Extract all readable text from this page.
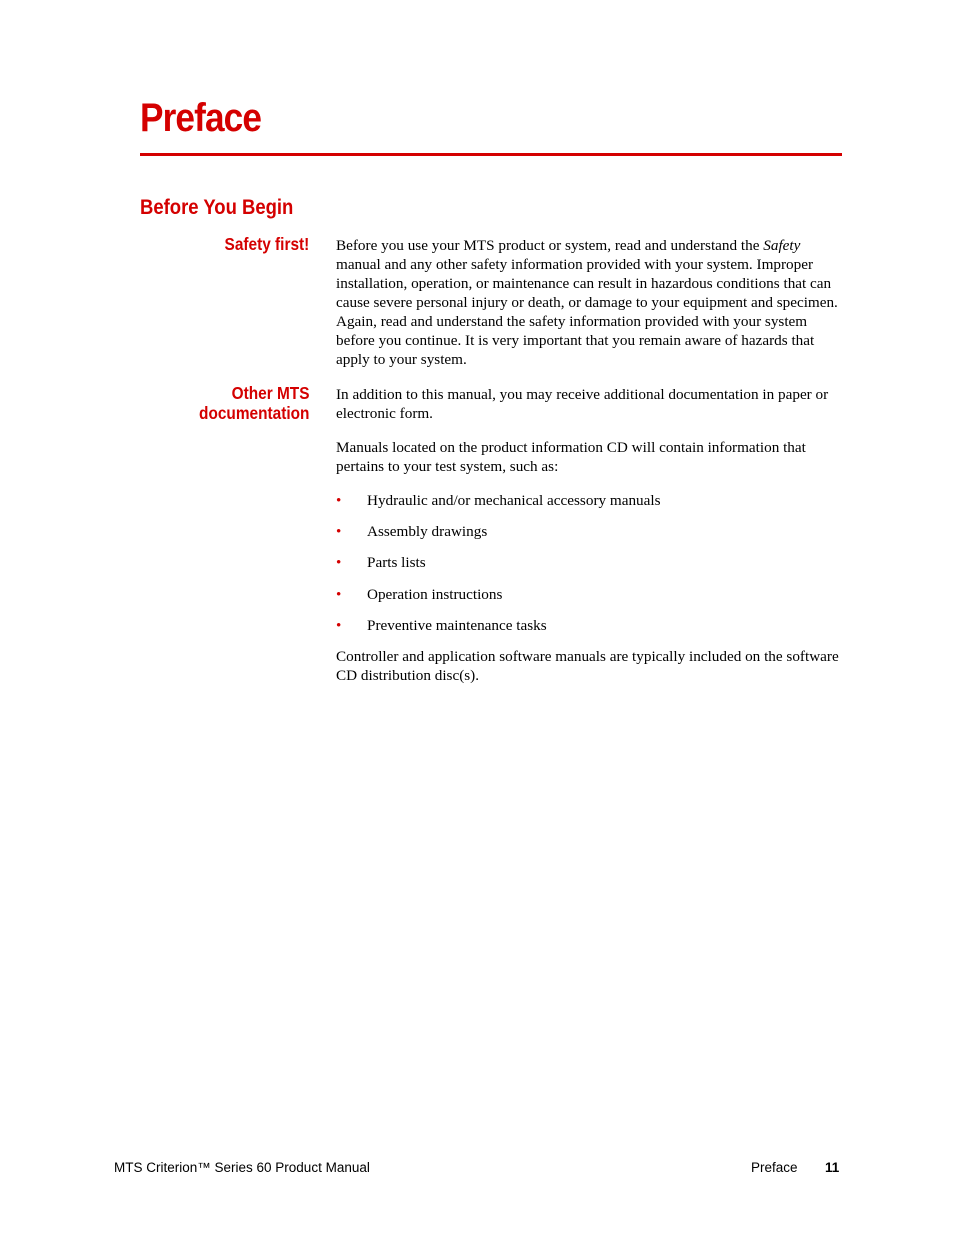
Preface
Before You Begin
Safety first! Before you use your MTS product or system, read and understand the Safety manual and any other safety information provided with your system. Improper installation, operation, or maintenance can result in hazardous conditions that can cause severe personal injury or death, or damage to your equipment and specimen. Again, read and understand the safety information provided with your system before you continue. It is very important that you remain aware of hazards that apply to your system.
Other MTS
documentation
In addition to this manual, you may receive additional documentation in paper or electronic form.
Manuals located on the product information CD will contain information that pertains to your test system, such as:
• Hydraulic and/or mechanical accessory manuals
• Assembly drawings
• Parts lists
• Operation instructions
• Preventive maintenance tasks
Controller and application software manuals are typically included on the software CD distribution disc(s).
MTS Criterion™ Series 60 Product Manual	Preface 11
